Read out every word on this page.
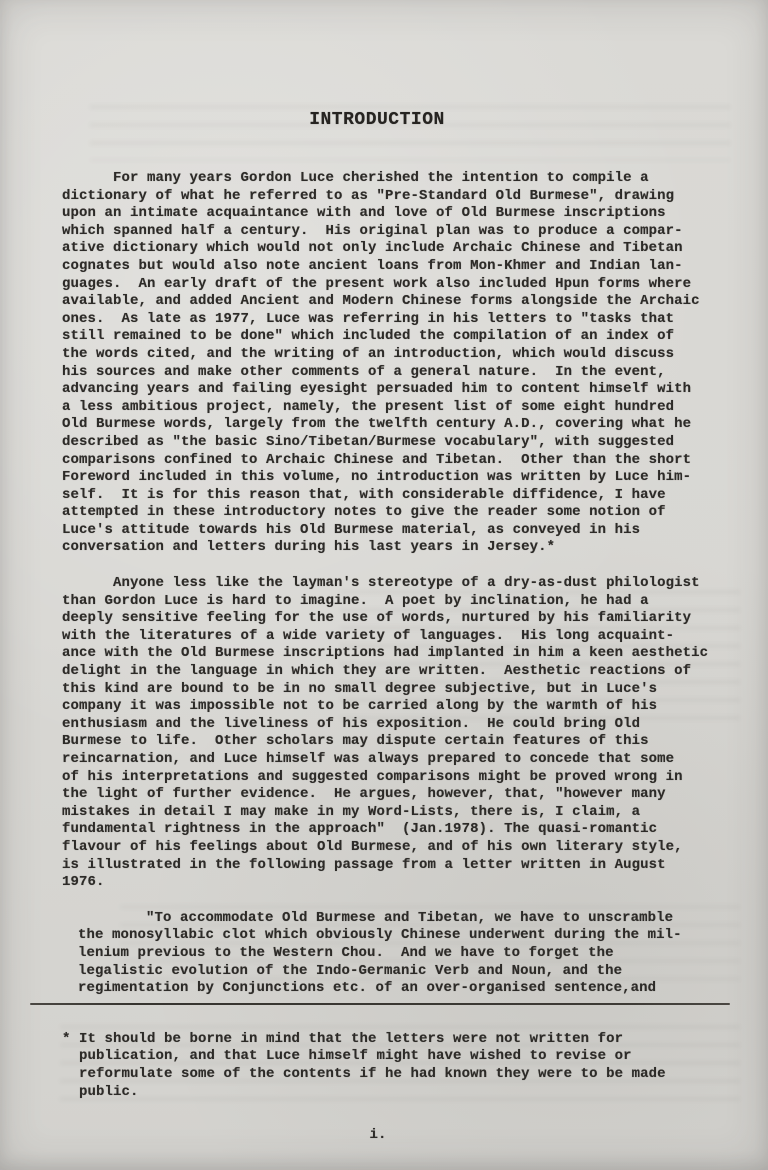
INTRODUCTION
For many years Gordon Luce cherished the intention to compile a
dictionary of what he referred to as "Pre-Standard Old Burmese", drawing
upon an intimate acquaintance with and love of Old Burmese inscriptions
which spanned half a century.  His original plan was to produce a compar-
ative dictionary which would not only include Archaic Chinese and Tibetan
cognates but would also note ancient loans from Mon-Khmer and Indian lan-
guages.  An early draft of the present work also included Hpun forms where
available, and added Ancient and Modern Chinese forms alongside the Archaic
ones.  As late as 1977, Luce was referring in his letters to "tasks that
still remained to be done" which included the compilation of an index of
the words cited, and the writing of an introduction, which would discuss
his sources and make other comments of a general nature.  In the event,
advancing years and failing eyesight persuaded him to content himself with
a less ambitious project, namely, the present list of some eight hundred
Old Burmese words, largely from the twelfth century A.D., covering what he
described as "the basic Sino/Tibetan/Burmese vocabulary", with suggested
comparisons confined to Archaic Chinese and Tibetan.  Other than the short
Foreword included in this volume, no introduction was written by Luce him-
self.  It is for this reason that, with considerable diffidence, I have
attempted in these introductory notes to give the reader some notion of
Luce's attitude towards his Old Burmese material, as conveyed in his
conversation and letters during his last years in Jersey.*
Anyone less like the layman's stereotype of a dry-as-dust philologist
than Gordon Luce is hard to imagine.  A poet by inclination, he had a
deeply sensitive feeling for the use of words, nurtured by his familiarity
with the literatures of a wide variety of languages.  His long acquaint-
ance with the Old Burmese inscriptions had implanted in him a keen aesthetic
delight in the language in which they are written.  Aesthetic reactions of
this kind are bound to be in no small degree subjective, but in Luce's
company it was impossible not to be carried along by the warmth of his
enthusiasm and the liveliness of his exposition.  He could bring Old
Burmese to life.  Other scholars may dispute certain features of this
reincarnation, and Luce himself was always prepared to concede that some
of his interpretations and suggested comparisons might be proved wrong in
the light of further evidence.  He argues, however, that, "however many
mistakes in detail I may make in my Word-Lists, there is, I claim, a
fundamental rightness in the approach"  (Jan.1978). The quasi-romantic
flavour of his feelings about Old Burmese, and of his own literary style,
is illustrated in the following passage from a letter written in August
1976.
"To accommodate Old Burmese and Tibetan, we have to unscramble
the monosyllabic clot which obviously Chinese underwent during the mil-
lenium previous to the Western Chou.  And we have to forget the
legalistic evolution of the Indo-Germanic Verb and Noun, and the
regimentation by Conjunctions etc. of an over-organised sentence,and
* It should be borne in mind that the letters were not written for
publication, and that Luce himself might have wished to revise or
reformulate some of the contents if he had known they were to be made
public.
i.
